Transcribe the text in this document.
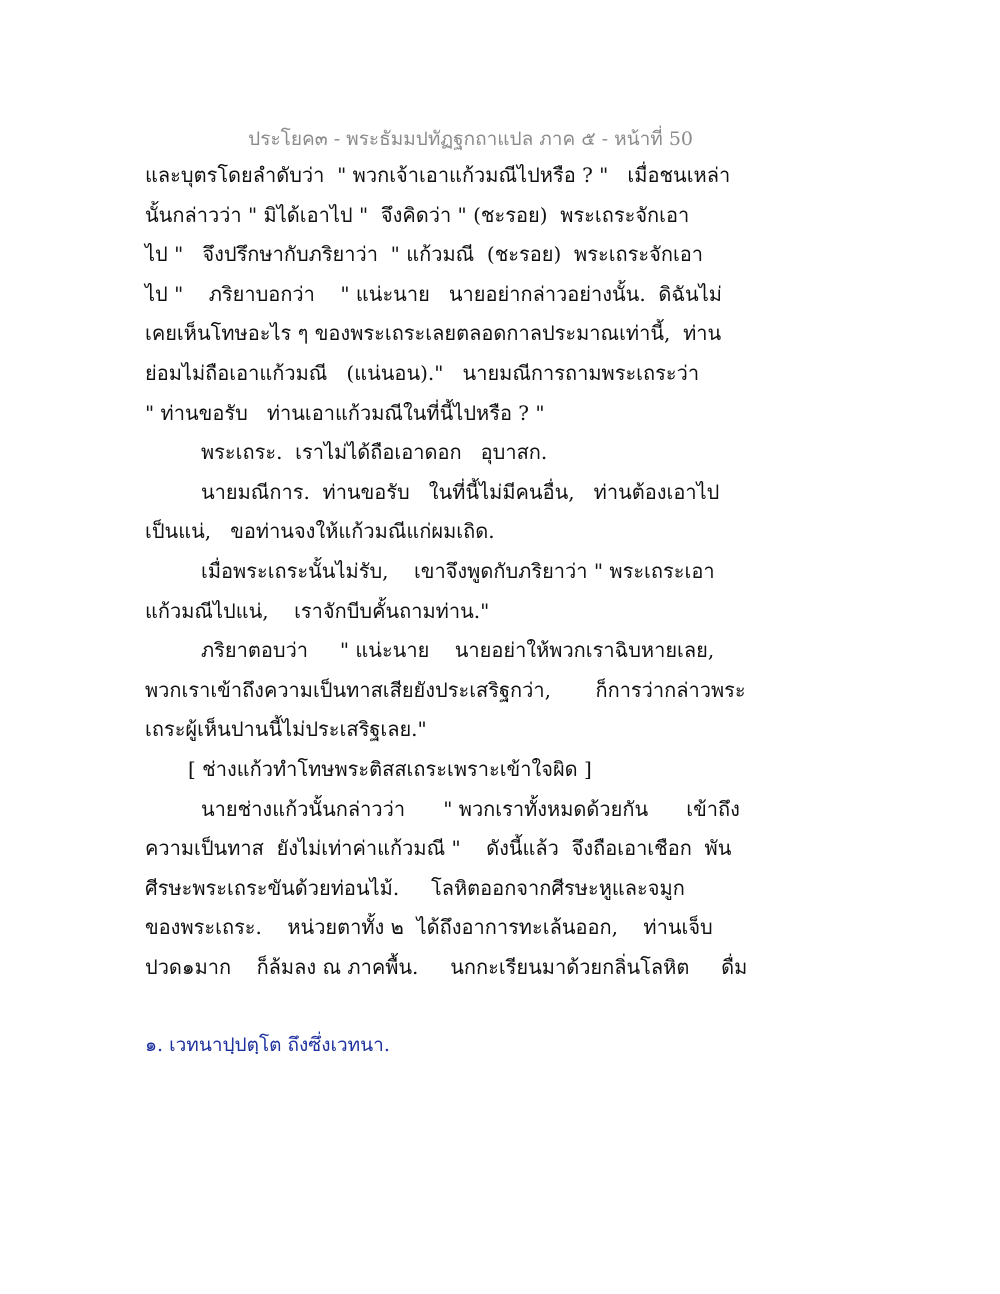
ประโยค๓ - พระธัมมปทัฏฐกถาแปล ภาค ๕ - หน้าที่ 50
และบุตรโดยลำดับว่า  " พวกเจ้าเอาแก้วมณีไปหรือ ? "   เมื่อชนเหล่า
นั้นกล่าวว่า " มิได้เอาไป "  จึงคิดว่า " (ชะรอย)  พระเถระจักเอา
ไป "   จึงปรึกษากับภริยาว่า  " แก้วมณี  (ชะรอย)  พระเถระจักเอา
ไป "    ภริยาบอกว่า    " แน่ะนาย   นายอย่ากล่าวอย่างนั้น.  ดิฉันไม่
เคยเห็นโทษอะไร ๆ ของพระเถระเลยตลอดกาลประมาณเท่านี้,  ท่าน
ย่อมไม่ถือเอาแก้วมณี   (แน่นอน)."   นายมณีการถามพระเถระว่า
" ท่านขอรับ   ท่านเอาแก้วมณีในที่นี้ไปหรือ ? "
พระเถระ.  เราไม่ได้ถือเอาดอก   อุบาสก.
นายมณีการ.  ท่านขอรับ   ในที่นี้ไม่มีคนอื่น,   ท่านต้องเอาไป
เป็นแน่,   ขอท่านจงให้แก้วมณีแก่ผมเถิด.
เมื่อพระเถระนั้นไม่รับ,    เขาจึงพูดกับภริยาว่า " พระเถระเอา
แก้วมณีไปแน่,    เราจักบีบคั้นถามท่าน."
ภริยาตอบว่า     " แน่ะนาย    นายอย่าให้พวกเราฉิบหายเลย,
พวกเราเข้าถึงความเป็นทาสเสียยังประเสริฐกว่า,       ก็การว่ากล่าวพระ
เถระผู้เห็นปานนี้ไม่ประเสริฐเลย."
[ ช่างแก้วทำโทษพระติสสเถระเพราะเข้าใจผิด ]
นายช่างแก้วนั้นกล่าวว่า      " พวกเราทั้งหมดด้วยกัน      เข้าถึง
ความเป็นทาส  ยังไม่เท่าค่าแก้วมณี "    ดังนี้แล้ว  จึงถือเอาเชือก  พัน
ศีรษะพระเถระขันด้วยท่อนไม้.     โลหิตออกจากศีรษะหูและจมูก
ของพระเถระ.    หน่วยตาทั้ง ๒  ได้ถึงอาการทะเล้นออก,    ท่านเจ็บ
ปวด๑มาก    ก็ล้มลง ณ ภาคพื้น.     นกกะเรียนมาด้วยกลิ่นโลหิต     ดื่ม
๑. เวทนาปฺปตฺโต ถึงซึ่งเวทนา.
